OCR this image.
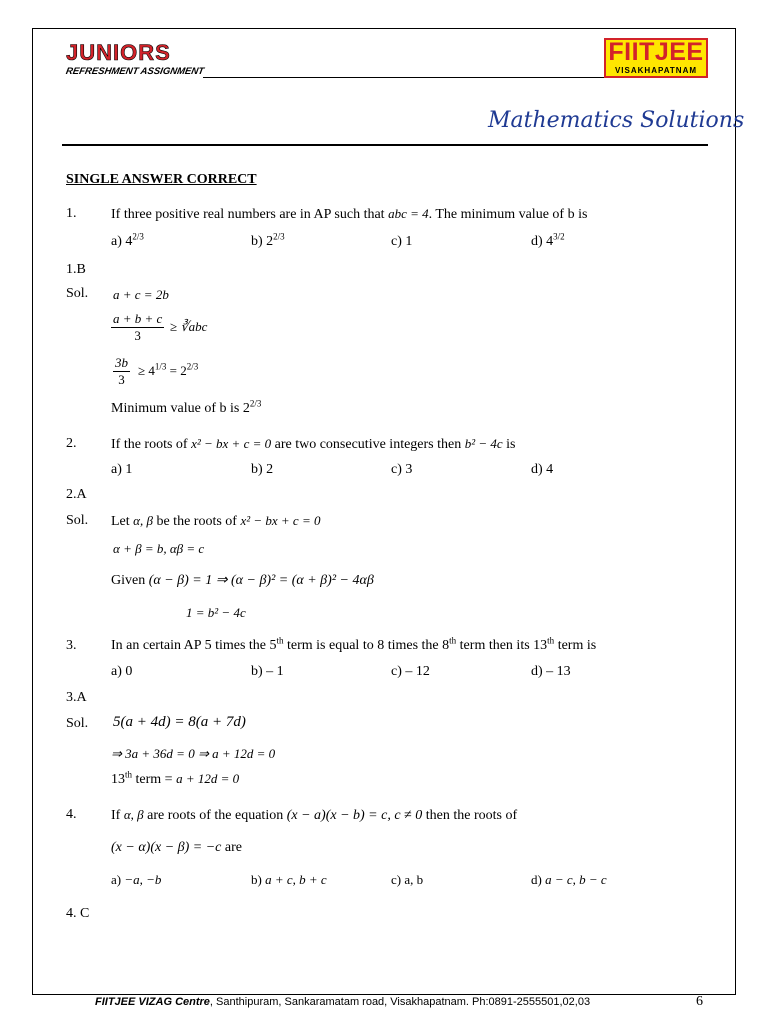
JUNIORS
REFRESHMENT ASSIGNMENT
FIITJEE
VISAKHAPATNAM
Mathematics Solutions
SINGLE ANSWER CORRECT
1. If three positive real numbers are in AP such that abc = 4. The minimum value of b is
a) $4^{2/3}$	b) $2^{2/3}$	c) 1	d) $4^{3/2}$
1.B
Sol. a + c = 2b
$\frac{a + b + c}{3}$ ≥ ∛abc
$\frac{3b}{3} \ge 4^{1/3} = 2^{2/3}$
Minimum value of b is $2^{2/3}$
2. If the roots of x² − bx + c = 0 are two consecutive integers then b² − 4c is
a) 1	b) 2	c) 3	d) 4
2.A
Sol. Let α, β be the roots of x² − bx + c = 0
α + β = b, αβ = c
Given (α − β) = 1 ⇒ (α − β)² = (α + β)² − 4αβ
1 = b² − 4c
3. In an certain AP 5 times the 5th term is equal to 8 times the 8th term then its 13th term is
a) 0	b) – 1	c) – 12	d) – 13
3.A
Sol. 5(a + 4d) = 8(a + 7d)
⇒ 3a + 36d = 0 ⇒ a + 12d = 0
13th term = a + 12d = 0
4. If α, β are roots of the equation (x − a)(x − b) = c, c ≠ 0 then the roots of
(x − α)(x − β) = −c are
a) −a, −b	b) a + c, b + c	c) a, b	d) a − c, b − c
4. C
FIITJEE VIZAG Centre, Santhipuram, Sankaramatam road, Visakhapatnam. Ph:0891-2555501,02,03	6
